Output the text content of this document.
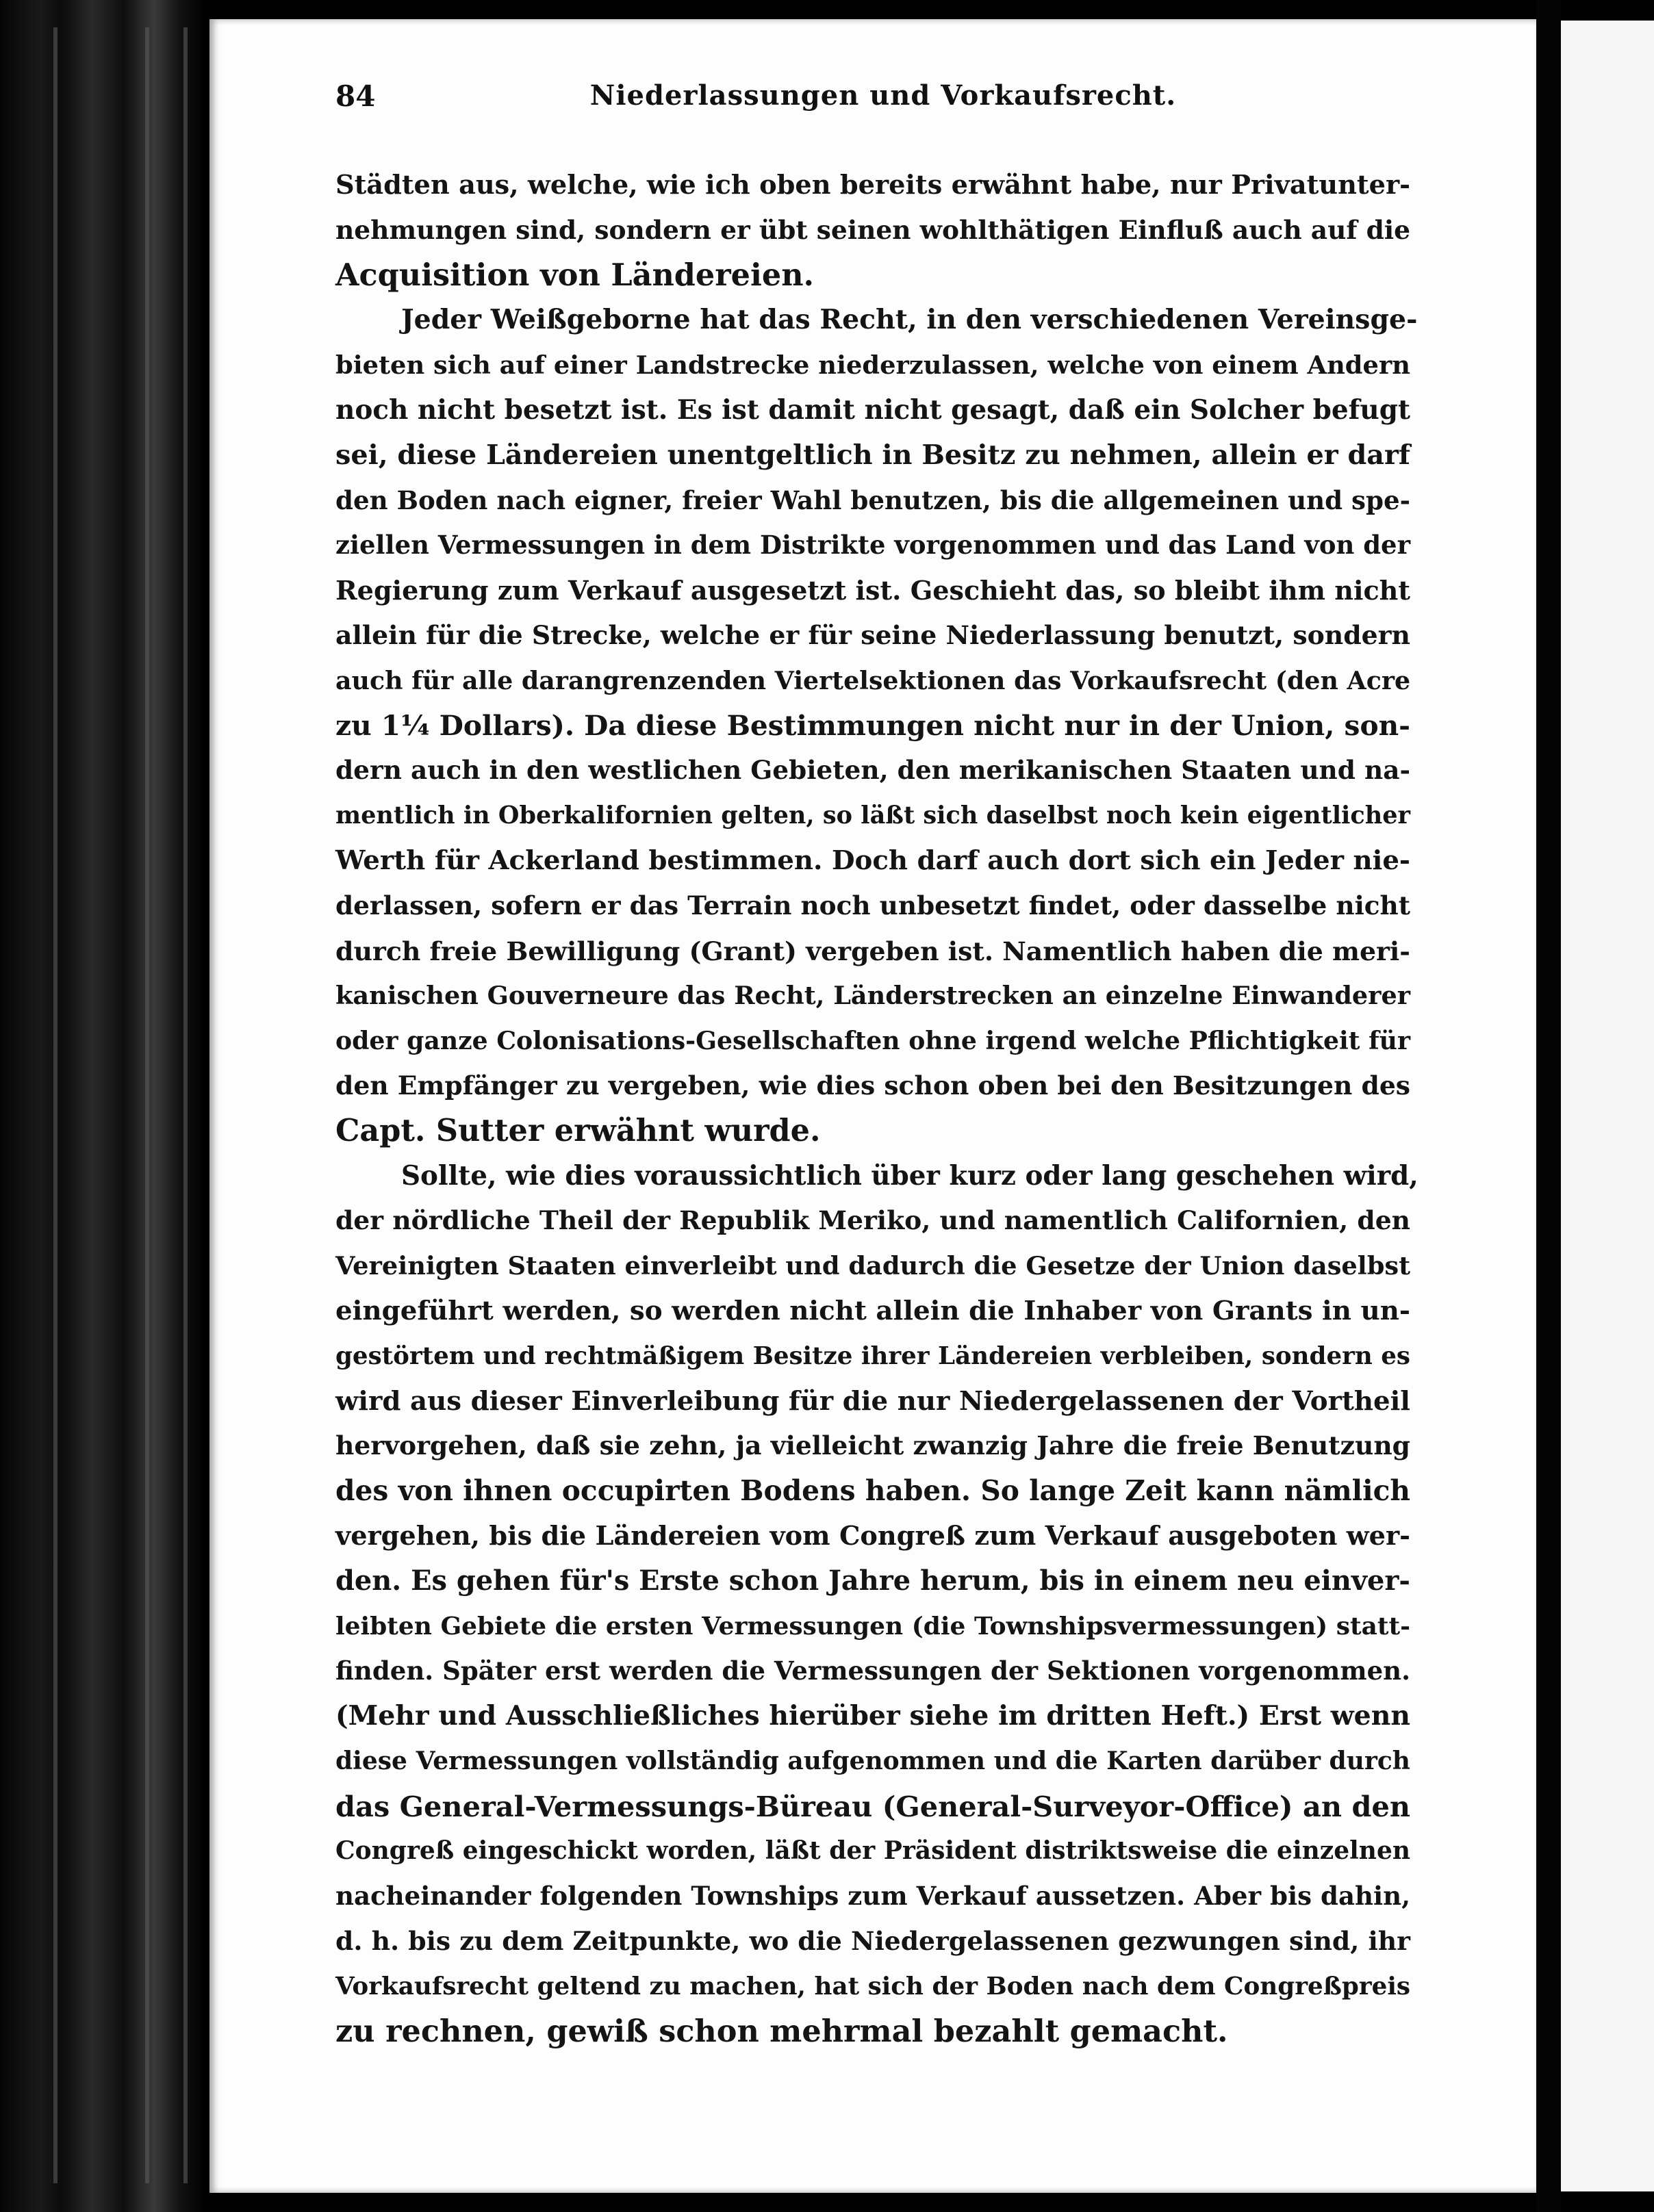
84	Niederlassungen und Vorkaufsrecht.

Städten aus, welche, wie ich oben bereits erwähnt habe, nur Privatunter-
nehmungen sind, sondern er übt seinen wohlthätigen Einfluß auch auf die
Acquisition von Ländereien.

Jeder Weißgeborne hat das Recht, in den verschiedenen Vereinsge-
bieten sich auf einer Landstrecke niederzulassen, welche von einem Andern
noch nicht besetzt ist. Es ist damit nicht gesagt, daß ein Solcher befugt
sei, diese Ländereien unentgeltlich in Besitz zu nehmen, allein er darf
den Boden nach eigner, freier Wahl benutzen, bis die allgemeinen und spe-
ziellen Vermessungen in dem Distrikte vorgenommen und das Land von der
Regierung zum Verkauf ausgesetzt ist. Geschieht das, so bleibt ihm nicht
allein für die Strecke, welche er für seine Niederlassung benutzt, sondern
auch für alle darangrenzenden Viertelsektionen das Vorkaufsrecht (den Acre
zu 1¼ Dollars). Da diese Bestimmungen nicht nur in der Union, son-
dern auch in den westlichen Gebieten, den merikanischen Staaten und na-
mentlich in Oberkalifornien gelten, so läßt sich daselbst noch kein eigentlicher
Werth für Ackerland bestimmen. Doch darf auch dort sich ein Jeder nie-
derlassen, sofern er das Terrain noch unbesetzt findet, oder dasselbe nicht
durch freie Bewilligung (Grant) vergeben ist. Namentlich haben die meri-
kanischen Gouverneure das Recht, Länderstrecken an einzelne Einwanderer
oder ganze Colonisations-Gesellschaften ohne irgend welche Pflichtigkeit für
den Empfänger zu vergeben, wie dies schon oben bei den Besitzungen des
Capt. Sutter erwähnt wurde.

Sollte, wie dies voraussichtlich über kurz oder lang geschehen wird,
der nördliche Theil der Republik Meriko, und namentlich Californien, den
Vereinigten Staaten einverleibt und dadurch die Gesetze der Union daselbst
eingeführt werden, so werden nicht allein die Inhaber von Grants in un-
gestörtem und rechtmäßigem Besitze ihrer Ländereien verbleiben, sondern es
wird aus dieser Einverleibung für die nur Niedergelassenen der Vortheil
hervorgehen, daß sie zehn, ja vielleicht zwanzig Jahre die freie Benutzung
des von ihnen occupirten Bodens haben. So lange Zeit kann nämlich
vergehen, bis die Ländereien vom Congreß zum Verkauf ausgeboten wer-
den. Es gehen für's Erste schon Jahre herum, bis in einem neu einver-
leibten Gebiete die ersten Vermessungen (die Townshipsvermessungen) statt-
finden. Später erst werden die Vermessungen der Sektionen vorgenommen.
(Mehr und Ausschließliches hierüber siehe im dritten Heft.) Erst wenn
diese Vermessungen vollständig aufgenommen und die Karten darüber durch
das General-Vermessungs-Büreau (General-Surveyor-Office) an den
Congreß eingeschickt worden, läßt der Präsident distriktsweise die einzelnen
nacheinander folgenden Townships zum Verkauf aussetzen. Aber bis dahin,
d. h. bis zu dem Zeitpunkte, wo die Niedergelassenen gezwungen sind, ihr
Vorkaufsrecht geltend zu machen, hat sich der Boden nach dem Congreßpreis
zu rechnen, gewiß schon mehrmal bezahlt gemacht.
